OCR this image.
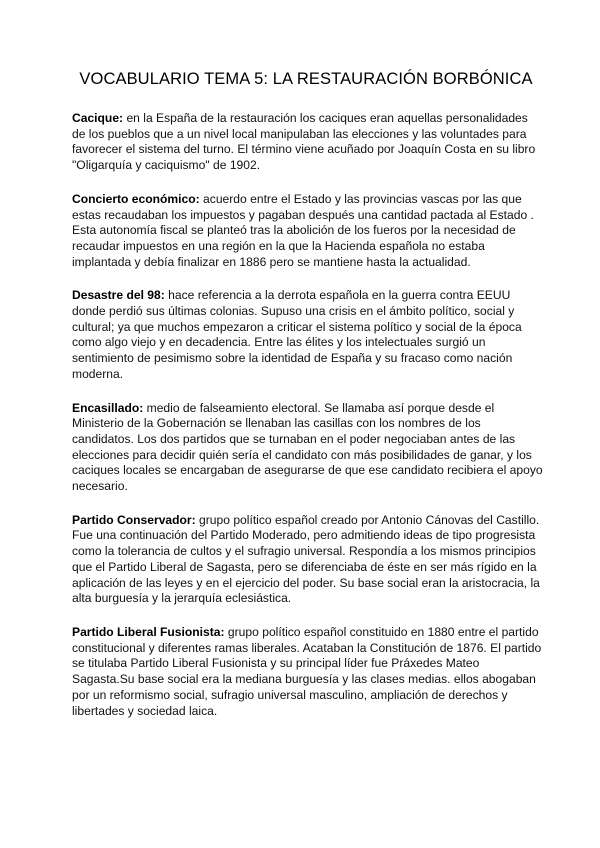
VOCABULARIO TEMA 5: LA RESTAURACIÓN BORBÓNICA

Cacique: en la España de la restauración los caciques eran aquellas personalidades de los pueblos que a un nivel local manipulaban las elecciones y las voluntades para favorecer el sistema del turno. El término viene acuñado por Joaquín Costa en su libro "Oligarquía y caciquismo" de 1902.

Concierto económico: acuerdo entre el Estado y las provincias vascas por las que estas recaudaban los impuestos y pagaban después una cantidad pactada al Estado . Esta autonomía fiscal se planteó tras la abolición de los fueros por la necesidad de recaudar impuestos en una región en la que la Hacienda española no estaba implantada y debía finalizar en 1886 pero se mantiene hasta la actualidad.

Desastre del 98: hace referencia a la derrota española en la guerra contra EEUU donde perdió sus últimas colonias. Supuso una crisis en el ámbito político, social y cultural; ya que muchos empezaron a criticar el sistema político y social de la época como algo viejo y en decadencia. Entre las élites y los intelectuales surgió un sentimiento de pesimismo sobre la identidad de España y su fracaso como nación moderna.

Encasillado: medio de falseamiento electoral. Se llamaba así porque desde el Ministerio de la Gobernación se llenaban las casillas con los nombres de los candidatos. Los dos partidos que se turnaban en el poder negociaban antes de las elecciones para decidir quién sería el candidato con más posibilidades de ganar, y los caciques locales se encargaban de asegurarse de que ese candidato recibiera el apoyo necesario.

Partido Conservador: grupo político español creado por Antonio Cánovas del Castillo. Fue una continuación del Partido Moderado, pero admitiendo ideas de tipo progresista como la tolerancia de cultos y el sufragio universal. Respondía a los mismos principios que el Partido Liberal de Sagasta, pero se diferenciaba de éste en ser más rígido en la aplicación de las leyes y en el ejercicio del poder. Su base social eran la aristocracia, la alta burguesía y la jerarquía eclesiástica.

Partido Liberal Fusionista: grupo político español constituido en 1880 entre el partido constitucional y diferentes ramas liberales. Acataban la Constitución de 1876. El partido se titulaba Partido Liberal Fusionista y su principal líder fue Práxedes Mateo Sagasta.Su base social era la mediana burguesía y las clases medias. ellos abogaban por un reformismo social, sufragio universal masculino, ampliación de derechos y libertades y sociedad laica.
